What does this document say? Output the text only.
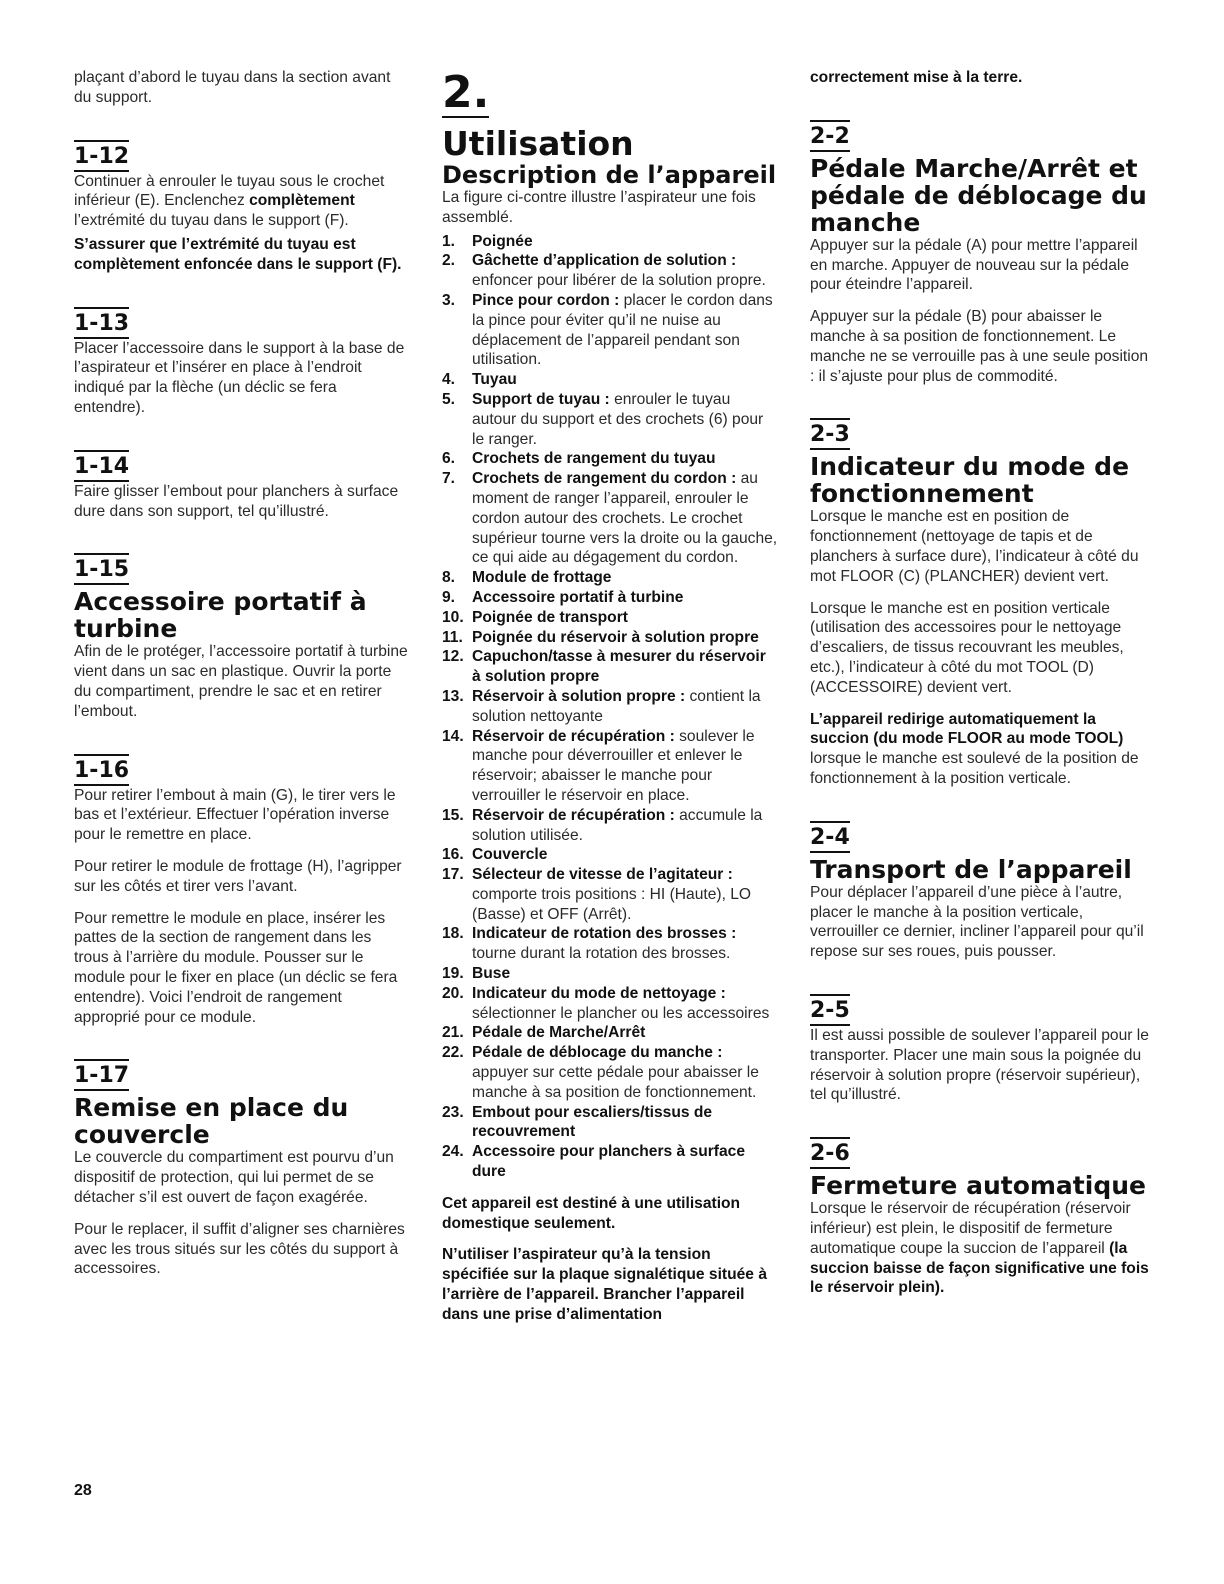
plaçant d’abord le tuyau dans la section avant du support.

1-12

Continuer à enrouler le tuyau sous le crochet inférieur (E). Enclenchez complètement l’extrémité du tuyau dans le support (F).

S’assurer que l’extrémité du tuyau est complètement enfoncée dans le support (F).

1-13

Placer l’accessoire dans le support à la base de l’aspirateur et l’insérer en place à l’endroit indiqué par la flèche (un déclic se fera entendre).

1-14

Faire glisser l’embout pour planchers à surface dure dans son support, tel qu’illustré.

1-15
Accessoire portatif à turbine

Afin de le protéger, l’accessoire portatif à turbine vient dans un sac en plastique. Ouvrir la porte du compartiment, prendre le sac et en retirer l’embout.

1-16

Pour retirer l’embout à main (G), le tirer vers le bas et l’extérieur. Effectuer l’opération inverse pour le remettre en place.

Pour retirer le module de frottage (H), l’agripper sur les côtés et tirer vers l’avant.

Pour remettre le module en place, insérer les pattes de la section de rangement dans les trous à l’arrière du module. Pousser sur le module pour le fixer en place (un déclic se fera entendre). Voici l’endroit de rangement approprié pour ce module.

1-17
Remise en place du couvercle

Le couvercle du compartiment est pourvu d’un dispositif de protection, qui lui permet de se détacher s’il est ouvert de façon exagérée.

Pour le replacer, il suffit d’aligner ses charnières avec les trous situés sur les côtés du support à accessoires.

2.
Utilisation
Description de l’appareil

La figure ci-contre illustre l’aspirateur une fois assemblé.

1. Poignée
2. Gâchette d’application de solution : enfoncer pour libérer de la solution propre.
3. Pince pour cordon : placer le cordon dans la pince pour éviter qu’il ne nuise au déplacement de l’appareil pendant son utilisation.
4. Tuyau
5. Support de tuyau : enrouler le tuyau autour du support et des crochets (6) pour le ranger.
6. Crochets de rangement du tuyau
7. Crochets de rangement du cordon : au moment de ranger l’appareil, enrouler le cordon autour des crochets. Le crochet supérieur tourne vers la droite ou la gauche, ce qui aide au dégagement du cordon.
8. Module de frottage
9. Accessoire portatif à turbine
10. Poignée de transport
11. Poignée du réservoir à solution propre
12. Capuchon/tasse à mesurer du réservoir à solution propre
13. Réservoir à solution propre : contient la solution nettoyante
14. Réservoir de récupération : soulever le manche pour déverrouiller et enlever le réservoir; abaisser le manche pour verrouiller le réservoir en place.
15. Réservoir de récupération : accumule la solution utilisée.
16. Couvercle
17. Sélecteur de vitesse de l’agitateur : comporte trois positions : HI (Haute), LO (Basse) et OFF (Arrêt).
18. Indicateur de rotation des brosses : tourne durant la rotation des brosses.
19. Buse
20. Indicateur du mode de nettoyage : sélectionner le plancher ou les accessoires
21. Pédale de Marche/Arrêt
22. Pédale de déblocage du manche : appuyer sur cette pédale pour abaisser le manche à sa position de fonctionnement.
23. Embout pour escaliers/tissus de recouvrement
24. Accessoire pour planchers à surface dure

Cet appareil est destiné à une utilisation domestique seulement.

N’utiliser l’aspirateur qu’à la tension spécifiée sur la plaque signalétique située à l’arrière de l’appareil. Brancher l’appareil dans une prise d’alimentation

correctement mise à la terre.

2-2
Pédale Marche/Arrêt et pédale de déblocage du manche

Appuyer sur la pédale (A) pour mettre l’appareil en marche. Appuyer de nouveau sur la pédale pour éteindre l’appareil.

Appuyer sur la pédale (B) pour abaisser le manche à sa position de fonctionnement. Le manche ne se verrouille pas à une seule position : il s’ajuste pour plus de commodité.

2-3
Indicateur du mode de fonctionnement

Lorsque le manche est en position de fonctionnement (nettoyage de tapis et de planchers à surface dure), l’indicateur à côté du mot FLOOR (C) (PLANCHER) devient vert.

Lorsque le manche est en position verticale (utilisation des accessoires pour le nettoyage d’escaliers, de tissus recouvrant les meubles, etc.), l’indicateur à côté du mot TOOL (D) (ACCESSOIRE) devient vert.

L’appareil redirige automatiquement la succion (du mode FLOOR au mode TOOL) lorsque le manche est soulevé de la position de fonctionnement à la position verticale.

2-4
Transport de l’appareil

Pour déplacer l’appareil d’une pièce à l’autre, placer le manche à la position verticale, verrouiller ce dernier, incliner l’appareil pour qu’il repose sur ses roues, puis pousser.

2-5

Il est aussi possible de soulever l’appareil pour le transporter. Placer une main sous la poignée du réservoir à solution propre (réservoir supérieur), tel qu’illustré.

2-6
Fermeture automatique

Lorsque le réservoir de récupération (réservoir inférieur) est plein, le dispositif de fermeture automatique coupe la succion de l’appareil (la succion baisse de façon significative une fois le réservoir plein).

28
